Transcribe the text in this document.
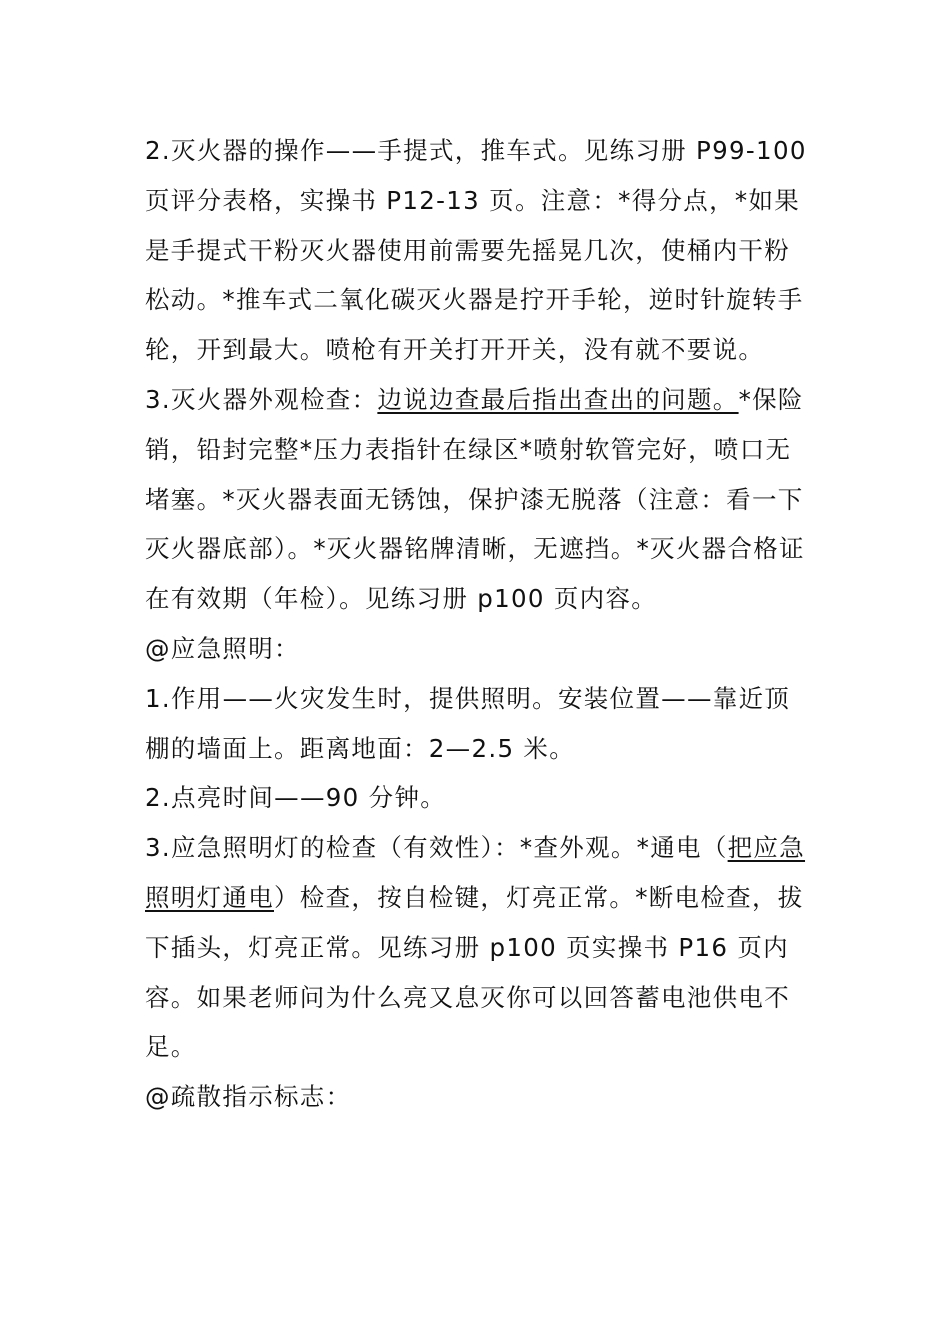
2.灭火器的操作——手提式，推车式。见练习册 P99-100 页评分表格，实操书 P12-13 页。注意：*得分点，*如果是手提式干粉灭火器使用前需要先摇晃几次，使桶内干粉松动。*推车式二氧化碳灭火器是拧开手轮，逆时针旋转手轮，开到最大。喷枪有开关打开开关，没有就不要说。

3.灭火器外观检查：边说边查最后指出查出的问题。*保险销，铅封完整*压力表指针在绿区*喷射软管完好，喷口无堵塞。*灭火器表面无锈蚀，保护漆无脱落（注意：看一下灭火器底部）。*灭火器铭牌清晰，无遮挡。*灭火器合格证在有效期（年检）。见练习册 p100 页内容。

@应急照明：

1.作用——火灾发生时，提供照明。安装位置——靠近顶棚的墙面上。距离地面：2—2.5 米。

2.点亮时间——90 分钟。

3.应急照明灯的检查（有效性）：*查外观。*通电（把应急照明灯通电）检查，按自检键，灯亮正常。*断电检查，拔下插头，灯亮正常。见练习册 p100 页实操书 P16 页内容。如果老师问为什么亮又息灭你可以回答蓄电池供电不足。

@疏散指示标志：
